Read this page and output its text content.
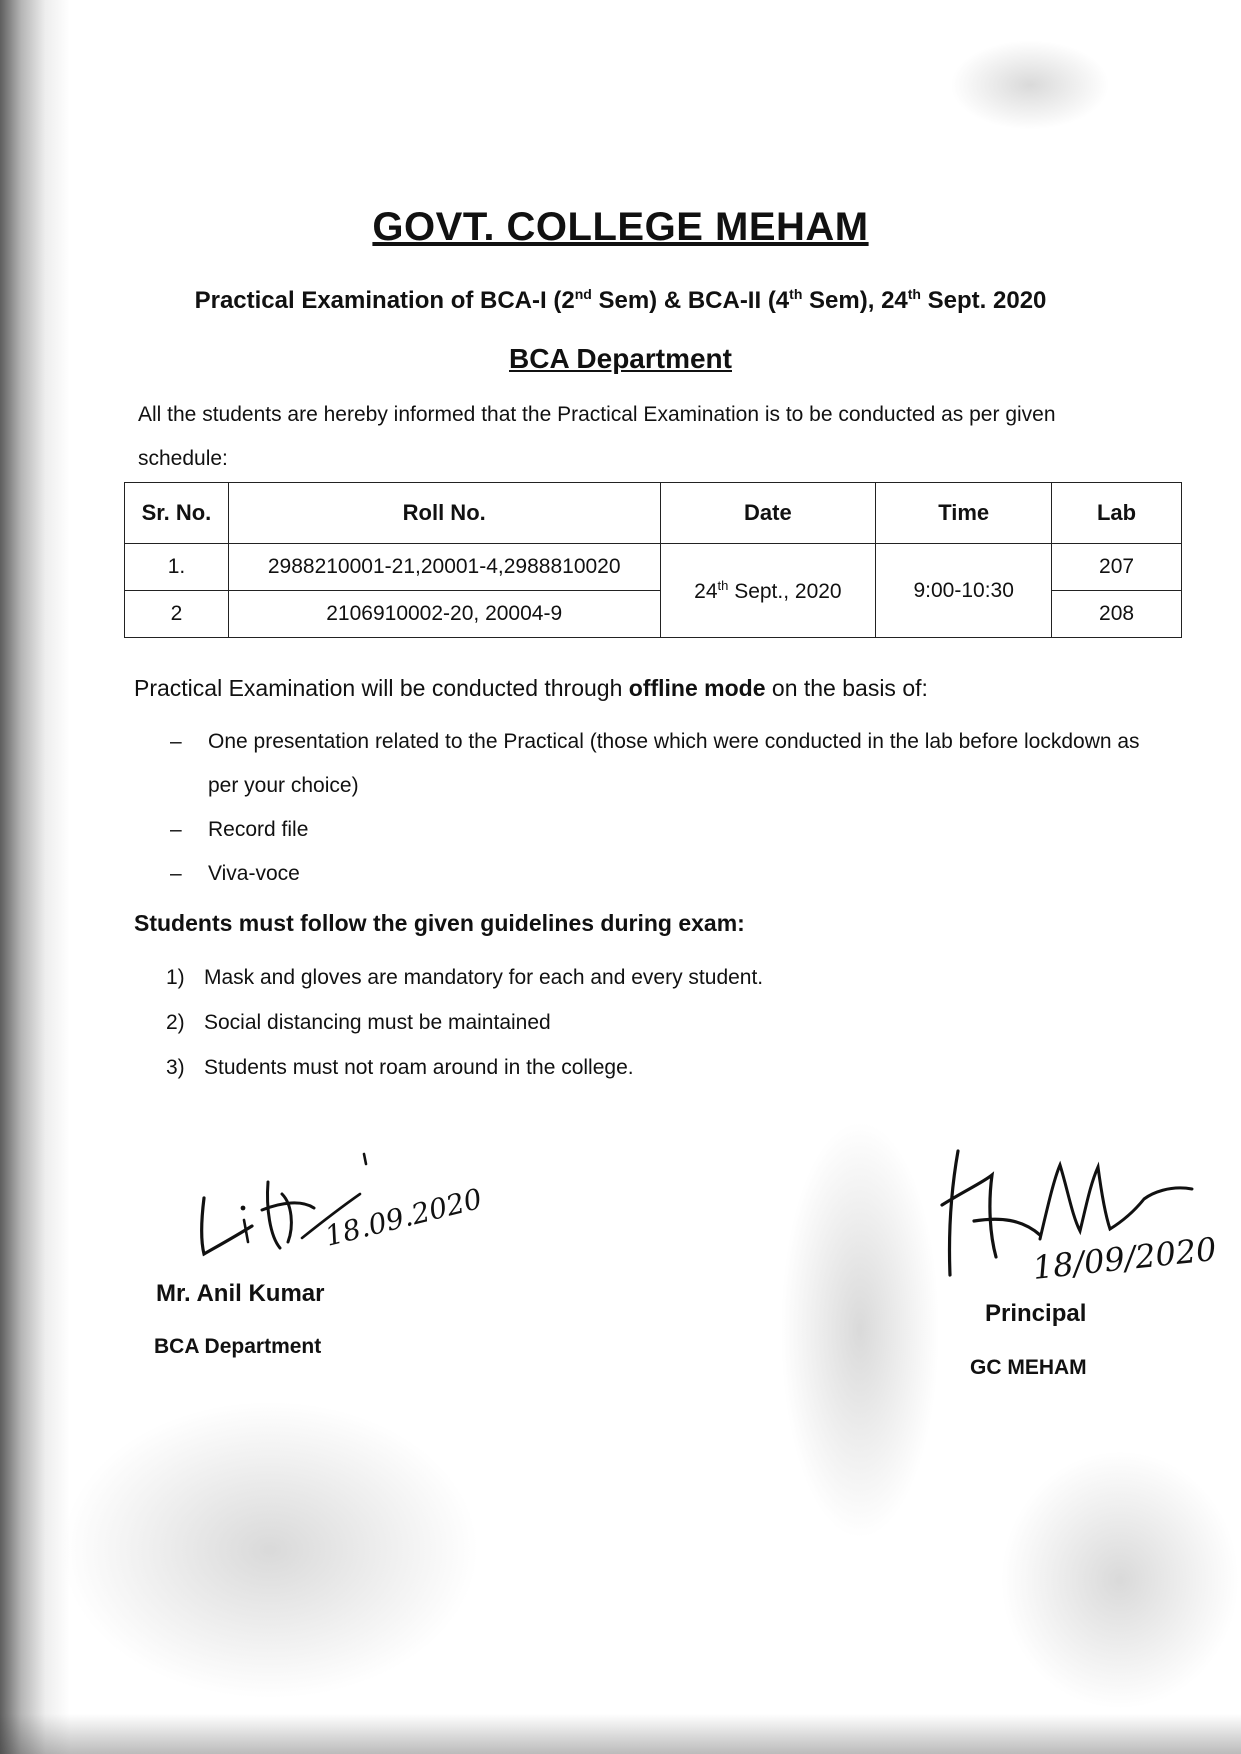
GOVT. COLLEGE MEHAM
Practical Examination of BCA-I (2nd Sem) & BCA-II (4th Sem), 24th Sept. 2020
BCA Department
All the students are hereby informed that the Practical Examination is to be conducted as per given schedule:
Sr. No.	Roll No.	Date	Time	Lab
1.	2988210001-21,20001-4,2988810020	24th Sept., 2020	9:00-10:30	207
2	2106910002-20, 20004-9			208
Practical Examination will be conducted through offline mode on the basis of:
– One presentation related to the Practical (those which were conducted in the lab before lockdown as per your choice)
– Record file
– Viva-voce
Students must follow the given guidelines during exam:
1) Mask and gloves are mandatory for each and every student.
2) Social distancing must be maintained
3) Students must not roam around in the college.
18.09.2020
Mr. Anil Kumar
BCA Department
18/09/2020
Principal
GC MEHAM
